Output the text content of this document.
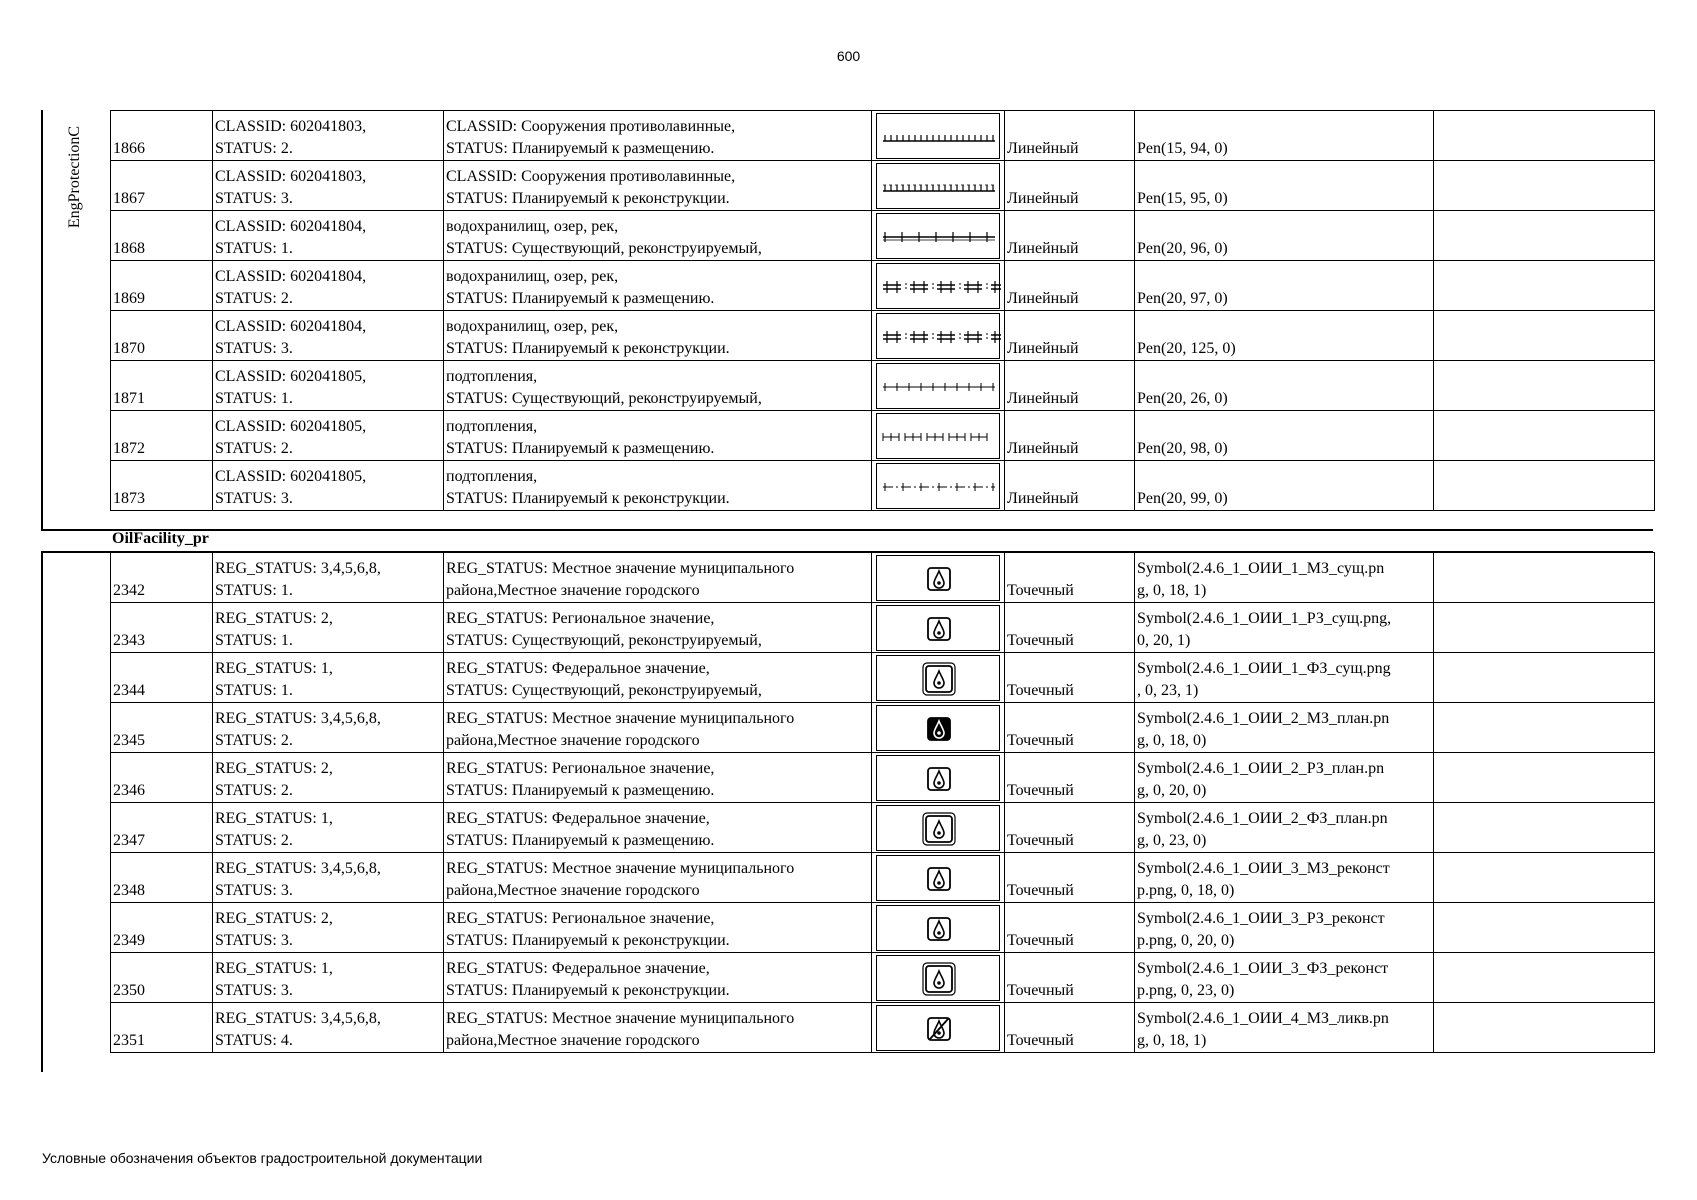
600
EngProtectionC 1866	CLASSID: 602041803,
STATUS: 2.	CLASSID: Сооружения противолавинные,
STATUS: Планируемый к размещению.		Линейный	Pen(15, 94, 0)	
1867	CLASSID: 602041803,
STATUS: 3.	CLASSID: Сооружения противолавинные,
STATUS: Планируемый к реконструкции.		Линейный	Pen(15, 95, 0)	
1868	CLASSID: 602041804,
STATUS: 1.	водохранилищ, озер, рек,
STATUS: Существующий, реконструируемый,		Линейный	Pen(20, 96, 0)	
1869	CLASSID: 602041804,
STATUS: 2.	водохранилищ, озер, рек,
STATUS: Планируемый к размещению.		Линейный	Pen(20, 97, 0)	
1870	CLASSID: 602041804,
STATUS: 3.	водохранилищ, озер, рек,
STATUS: Планируемый к реконструкции.		Линейный	Pen(20, 125, 0)	
1871	CLASSID: 602041805,
STATUS: 1.	подтопления,
STATUS: Существующий, реконструируемый,		Линейный	Pen(20, 26, 0)	
1872	CLASSID: 602041805,
STATUS: 2.	подтопления,
STATUS: Планируемый к размещению.		Линейный	Pen(20, 98, 0)	
1873	CLASSID: 602041805,
STATUS: 3.	подтопления,
STATUS: Планируемый к реконструкции.		Линейный	Pen(20, 99, 0)	
OilFacility_pr
2342	REG_STATUS: 3,4,5,6,8,
STATUS: 1.	REG_STATUS: Местное значение муниципального
района,Местное значение городского		Точечный	Symbol(2.4.6_1_ОИИ_1_МЗ_сущ.pn
g, 0, 18, 1)	

2343	REG_STATUS: 2,
STATUS: 1.	REG_STATUS: Региональное значение,
STATUS: Существующий, реконструируемый,		Точечный	Symbol(2.4.6_1_ОИИ_1_РЗ_сущ.png,
0, 20, 1)	

2344	REG_STATUS: 1,
STATUS: 1.	REG_STATUS: Федеральное значение,
STATUS: Существующий, реконструируемый,		Точечный	Symbol(2.4.6_1_ОИИ_1_ФЗ_сущ.png
, 0, 23, 1)	

2345	REG_STATUS: 3,4,5,6,8,
STATUS: 2.	REG_STATUS: Местное значение муниципального
района,Местное значение городского		Точечный	Symbol(2.4.6_1_ОИИ_2_МЗ_план.pn
g, 0, 18, 0)	

2346	REG_STATUS: 2,
STATUS: 2.	REG_STATUS: Региональное значение,
STATUS: Планируемый к размещению.		Точечный	Symbol(2.4.6_1_ОИИ_2_РЗ_план.pn
g, 0, 20, 0)	

2347	REG_STATUS: 1,
STATUS: 2.	REG_STATUS: Федеральное значение,
STATUS: Планируемый к размещению.		Точечный	Symbol(2.4.6_1_ОИИ_2_ФЗ_план.pn
g, 0, 23, 0)	

2348	REG_STATUS: 3,4,5,6,8,
STATUS: 3.	REG_STATUS: Местное значение муниципального
района,Местное значение городского		Точечный	Symbol(2.4.6_1_ОИИ_3_МЗ_реконст
р.png, 0, 18, 0)	

2349	REG_STATUS: 2,
STATUS: 3.	REG_STATUS: Региональное значение,
STATUS: Планируемый к реконструкции.		Точечный	Symbol(2.4.6_1_ОИИ_3_РЗ_реконст
р.png, 0, 20, 0)	

2350	REG_STATUS: 1,
STATUS: 3.	REG_STATUS: Федеральное значение,
STATUS: Планируемый к реконструкции.		Точечный	Symbol(2.4.6_1_ОИИ_3_ФЗ_реконст
р.png, 0, 23, 0)	

2351	REG_STATUS: 3,4,5,6,8,
STATUS: 4.	REG_STATUS: Местное значение муниципального
района,Местное значение городского		Точечный	Symbol(2.4.6_1_ОИИ_4_МЗ_ликв.pn
g, 0, 18, 1)	

Условные обозначения объектов градостроительной документации
